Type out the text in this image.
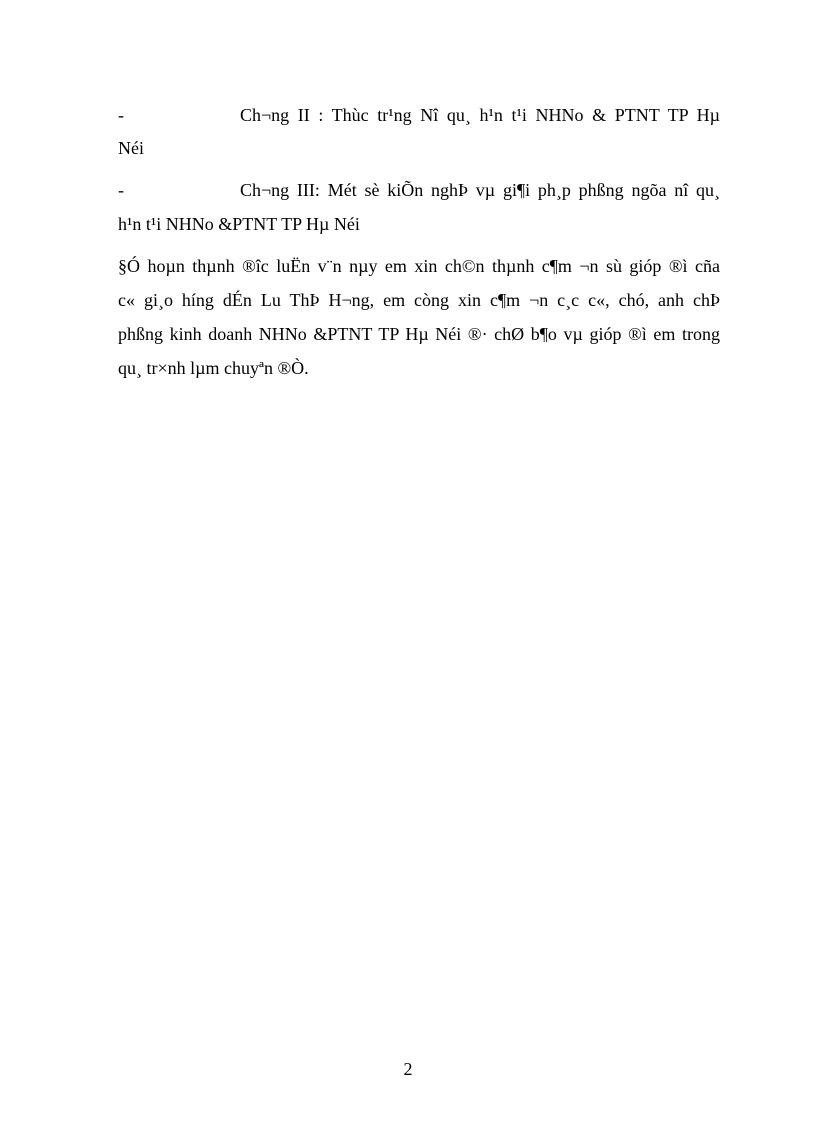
-	Ch¬ng II : Thùc tr¹ng Nî qu¸ h¹n t¹i NHNo & PTNT TP Hµ
Néi
-	Ch¬ng III: Mét sè kiÕn nghÞ vµ gi¶i ph¸p phßng ngõa nî qu¸
h¹n t¹i NHNo &PTNT TP Hµ Néi
§Ó hoµn thµnh ®îc luËn v¨n nµy em xin ch©n thµnh c¶m ¬n sù gióp ®ì cña
c« gi¸o híng dÉn Lu ThÞ H¬ng, em còng xin c¶m ¬n c¸c c«, chó, anh chÞ
phßng kinh doanh NHNo &PTNT TP Hµ Néi ®· chØ b¶o vµ gióp ®ì em trong
qu¸ tr×nh lµm chuyªn ®Ò.
2
